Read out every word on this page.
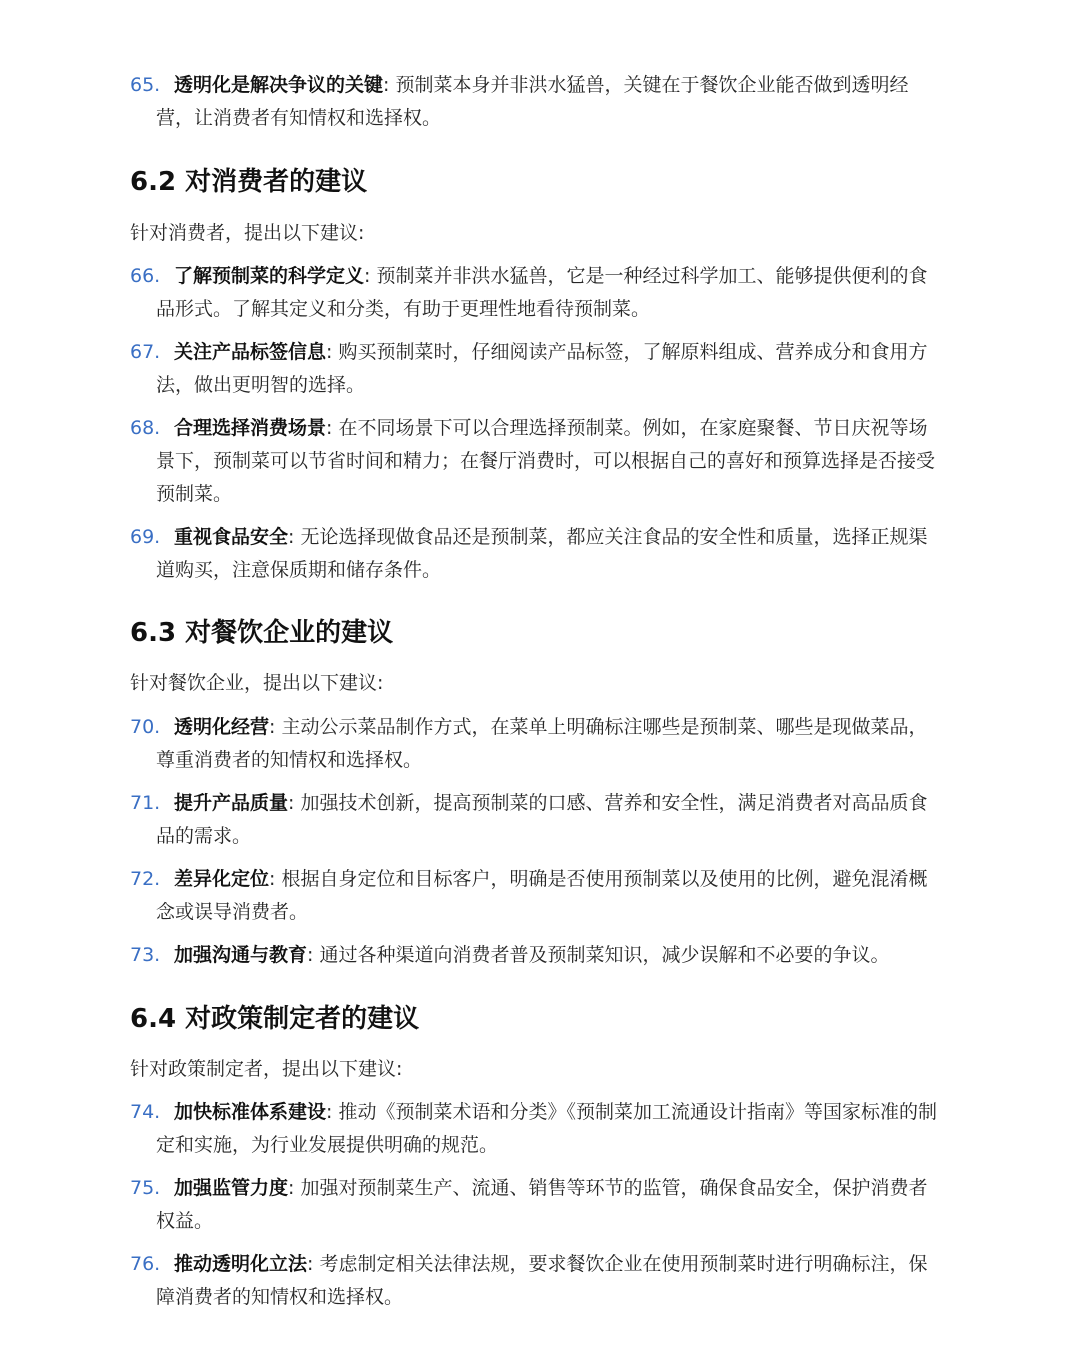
65. 透明化是解决争议的关键: 预制菜本身并非洪水猛兽，关键在于餐饮企业能否做到透明经营，让消费者有知情权和选择权。
6.2 对消费者的建议
针对消费者，提出以下建议:
66. 了解预制菜的科学定义: 预制菜并非洪水猛兽，它是一种经过科学加工、能够提供便利的食品形式。了解其定义和分类，有助于更理性地看待预制菜。
67. 关注产品标签信息: 购买预制菜时，仔细阅读产品标签，了解原料组成、营养成分和食用方法，做出更明智的选择。
68. 合理选择消费场景: 在不同场景下可以合理选择预制菜。例如，在家庭聚餐、节日庆祝等场景下，预制菜可以节省时间和精力；在餐厅消费时，可以根据自己的喜好和预算选择是否接受预制菜。
69. 重视食品安全: 无论选择现做食品还是预制菜，都应关注食品的安全性和质量，选择正规渠道购买，注意保质期和储存条件。
6.3 对餐饮企业的建议
针对餐饮企业，提出以下建议:
70. 透明化经营: 主动公示菜品制作方式，在菜单上明确标注哪些是预制菜、哪些是现做菜品，尊重消费者的知情权和选择权。
71. 提升产品质量: 加强技术创新，提高预制菜的口感、营养和安全性，满足消费者对高品质食品的需求。
72. 差异化定位: 根据自身定位和目标客户，明确是否使用预制菜以及使用的比例，避免混淆概念或误导消费者。
73. 加强沟通与教育: 通过各种渠道向消费者普及预制菜知识，减少误解和不必要的争议。
6.4 对政策制定者的建议
针对政策制定者，提出以下建议:
74. 加快标准体系建设: 推动《预制菜术语和分类》《预制菜加工流通设计指南》等国家标准的制定和实施，为行业发展提供明确的规范。
75. 加强监管力度: 加强对预制菜生产、流通、销售等环节的监管，确保食品安全，保护消费者权益。
76. 推动透明化立法: 考虑制定相关法律法规，要求餐饮企业在使用预制菜时进行明确标注，保障消费者的知情权和选择权。
